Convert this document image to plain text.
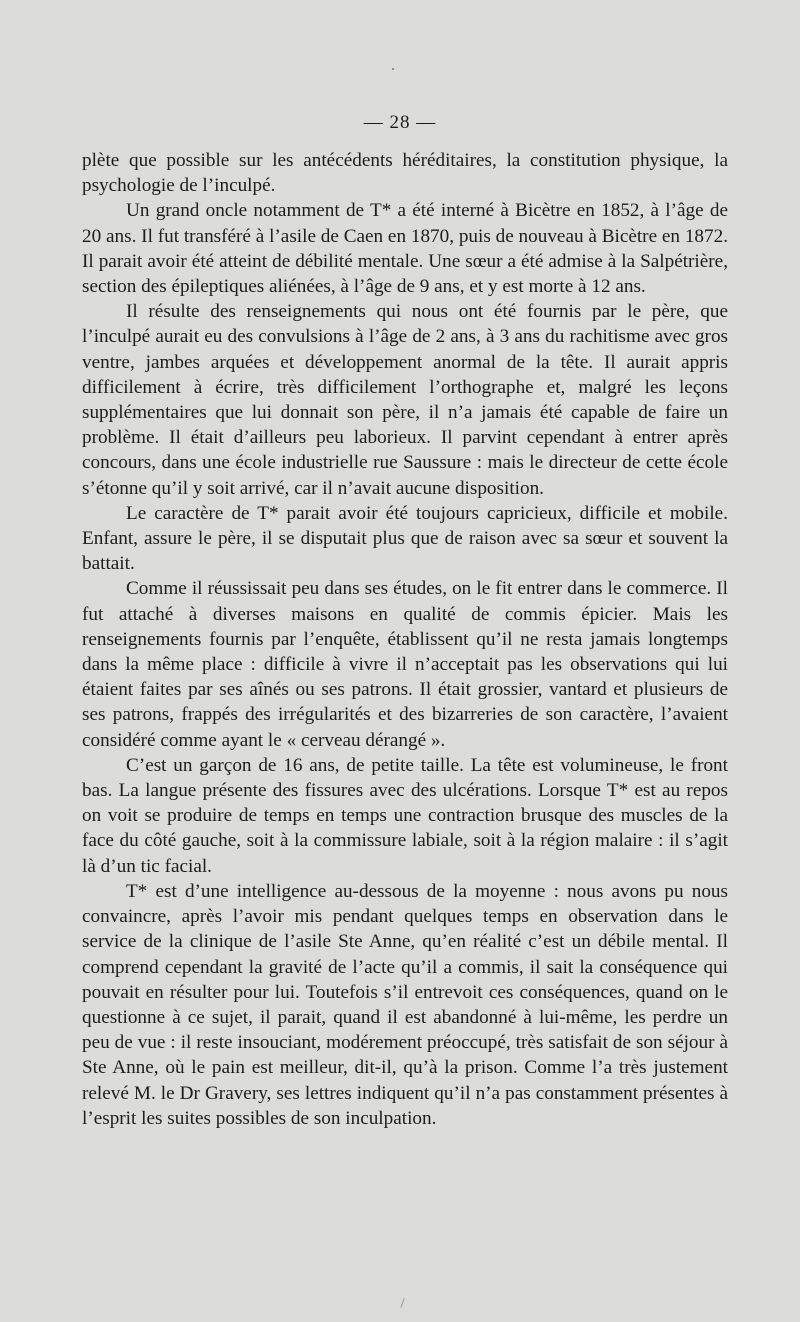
— 28 —

plète que possible sur les antécédents héréditaires, la constitution physique, la psychologie de l’inculpé.

Un grand oncle notamment de T* a été interné à Bicètre en 1852, à l’âge de 20 ans. Il fut transféré à l’asile de Caen en 1870, puis de nouveau à Bicètre en 1872. Il parait avoir été atteint de débilité mentale. Une sœur a été admise à la Salpétrière, section des épileptiques aliénées, à l’âge de 9 ans, et y est morte à 12 ans.

Il résulte des renseignements qui nous ont été fournis par le père, que l’inculpé aurait eu des convulsions à l’âge de 2 ans, à 3 ans du rachitisme avec gros ventre, jambes arquées et développement anormal de la tête. Il aurait appris difficilement à écrire, très difficilement l’orthographe et, malgré les leçons supplémentaires que lui donnait son père, il n’a jamais été capable de faire un problème. Il était d’ailleurs peu laborieux. Il parvint cependant à entrer après concours, dans une école industrielle rue Saussure : mais le directeur de cette école s’étonne qu’il y soit arrivé, car il n’avait aucune disposition.

Le caractère de T* parait avoir été toujours capricieux, difficile et mobile. Enfant, assure le père, il se disputait plus que de raison avec sa sœur et souvent la battait.

Comme il réussissait peu dans ses études, on le fit entrer dans le commerce. Il fut attaché à diverses maisons en qualité de commis épicier. Mais les renseignements fournis par l’enquête, établissent qu’il ne resta jamais longtemps dans la même place : difficile à vivre il n’acceptait pas les observations qui lui étaient faites par ses aînés ou ses patrons. Il était grossier, vantard et plusieurs de ses patrons, frappés des irrégularités et des bizarreries de son caractère, l’avaient considéré comme ayant le « cerveau dérangé ».

C’est un garçon de 16 ans, de petite taille. La tête est volumineuse, le front bas. La langue présente des fissures avec des ulcérations. Lorsque T* est au repos on voit se produire de temps en temps une contraction brusque des muscles de la face du côté gauche, soit à la commissure labiale, soit à la région malaire : il s’agit là d’un tic facial.

T* est d’une intelligence au-dessous de la moyenne : nous avons pu nous convaincre, après l’avoir mis pendant quelques temps en observation dans le service de la clinique de l’asile Ste Anne, qu’en réalité c’est un débile mental. Il comprend cependant la gravité de l’acte qu’il a commis, il sait la conséquence qui pouvait en résulter pour lui. Toutefois s’il entrevoit ces conséquences, quand on le questionne à ce sujet, il parait, quand il est abandonné à lui-même, les perdre un peu de vue : il reste insouciant, modérement préoccupé, très satisfait de son séjour à Ste Anne, où le pain est meilleur, dit-il, qu’à la prison. Comme l’a très justement relevé M. le Dr Gravery, ses lettres indiquent qu’il n’a pas constamment présentes à l’esprit les suites possibles de son inculpation.
